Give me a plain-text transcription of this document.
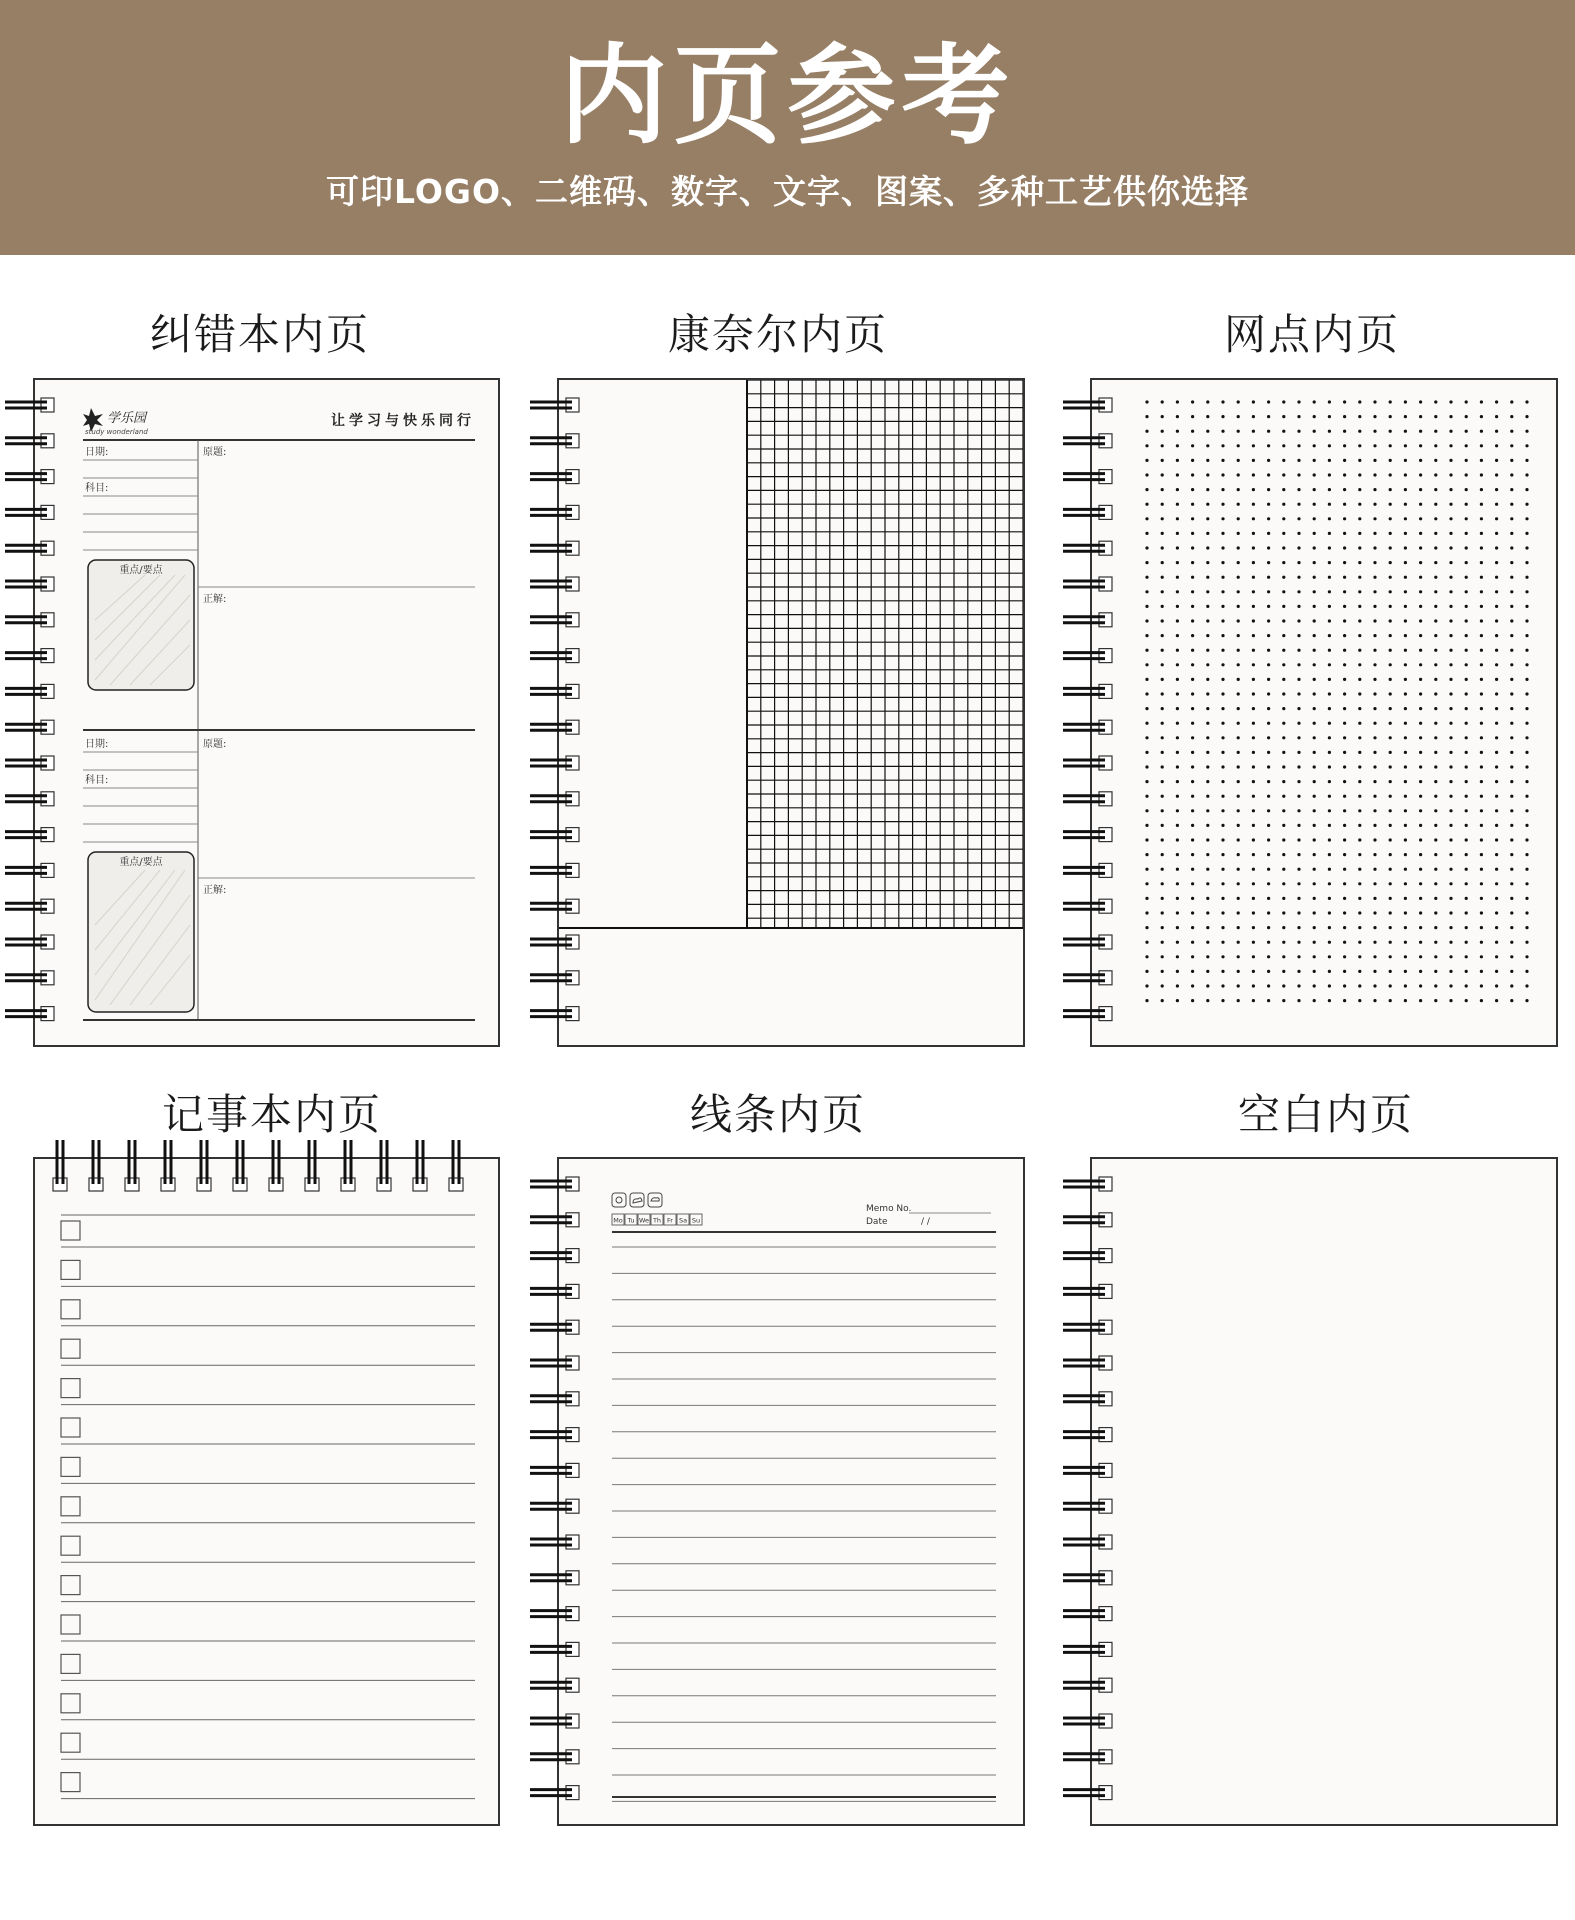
内页参考
可印LOGO、二维码、数字、文字、图案、多种工艺供你选择
纠错本内页
学乐园
study wonderland
让学习与快乐同行
日期:	原题:
科目:
重点/要点
正解:
日期:	原题:
科目:
重点/要点
正解:
康奈尔内页	网点内页
记事本内页	线条内页
Mo Tu We Th Fr Sa Su
Memo No.
Date	/ /
空白内页
